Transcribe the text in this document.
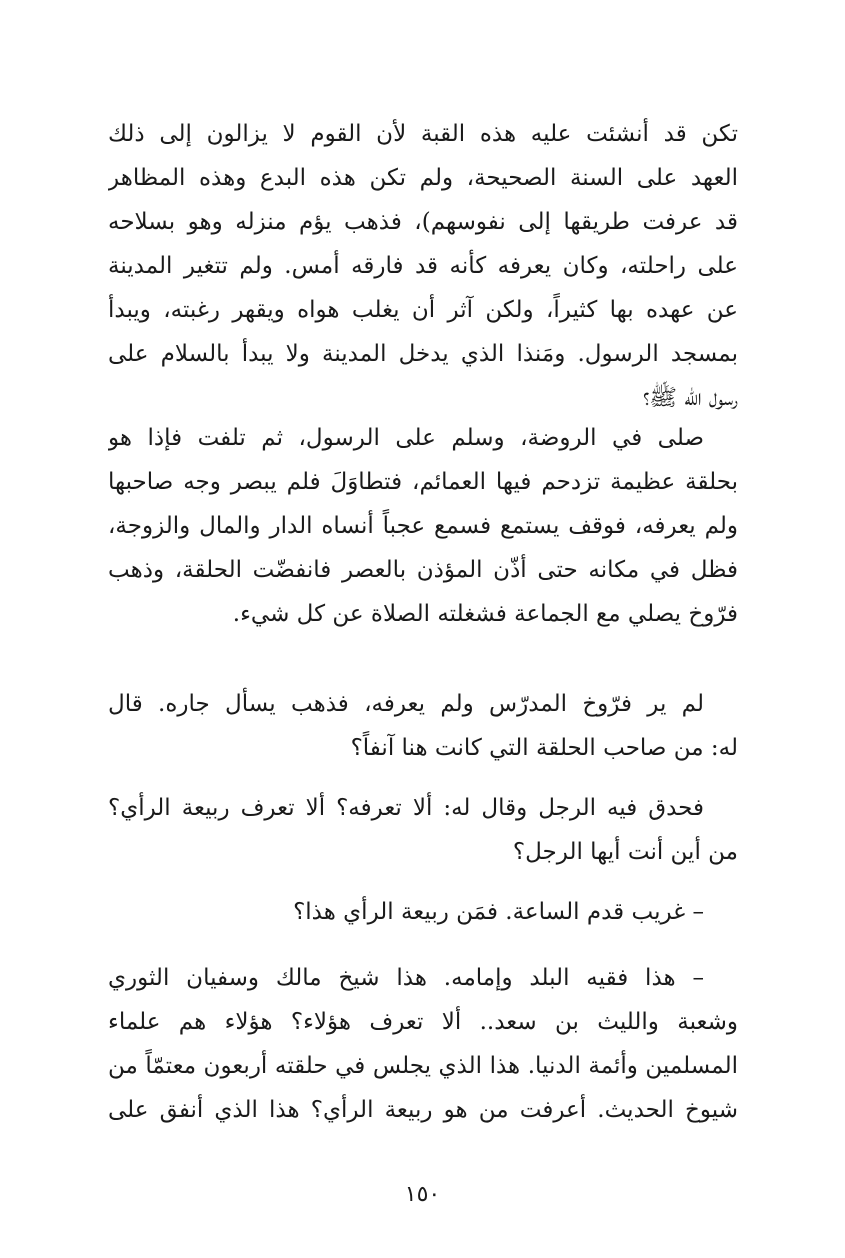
تكن قد أنشئت عليه هذه القبة لأن القوم لا يزالون إلى ذلك
العهد على السنة الصحيحة، ولم تكن هذه البدع وهذه المظاهر
قد عرفت طريقها إلى نفوسهم)، فذهب يؤم منزله وهو بسلاحه
على راحلته، وكان يعرفه كأنه قد فارقه أمس. ولم تتغير المدينة
عن عهده بها كثيراً، ولكن آثر أن يغلب هواه ويقهر رغبته، ويبدأ
بمسجد الرسول. ومَنذا الذي يدخل المدينة ولا يبدأ بالسلام على
رسول الله ﷺ؟
صلى في الروضة، وسلم على الرسول، ثم تلفت فإذا هو
بحلقة عظيمة تزدحم فيها العمائم، فتطاوَلَ فلم يبصر وجه صاحبها
ولم يعرفه، فوقف يستمع فسمع عجباً أنساه الدار والمال والزوجة،
فظل في مكانه حتى أذّن المؤذن بالعصر فانفضّت الحلقة، وذهب
فرّوخ يصلي مع الجماعة فشغلته الصلاة عن كل شيء.
لم ير فرّوخ المدرّس ولم يعرفه، فذهب يسأل جاره. قال
له: من صاحب الحلقة التي كانت هنا آنفاً؟
فحدق فيه الرجل وقال له: ألا تعرفه؟ ألا تعرف ربيعة الرأي؟
من أين أنت أيها الرجل؟
– غريب قدم الساعة. فمَن ربيعة الرأي هذا؟
– هذا فقيه البلد وإمامه. هذا شيخ مالك وسفيان الثوري
وشعبة والليث بن سعد.. ألا تعرف هؤلاء؟ هؤلاء هم علماء
المسلمين وأئمة الدنيا. هذا الذي يجلس في حلقته أربعون معتمّاً من
شيوخ الحديث. أعرفت من هو ربيعة الرأي؟ هذا الذي أنفق على
١٥٠
